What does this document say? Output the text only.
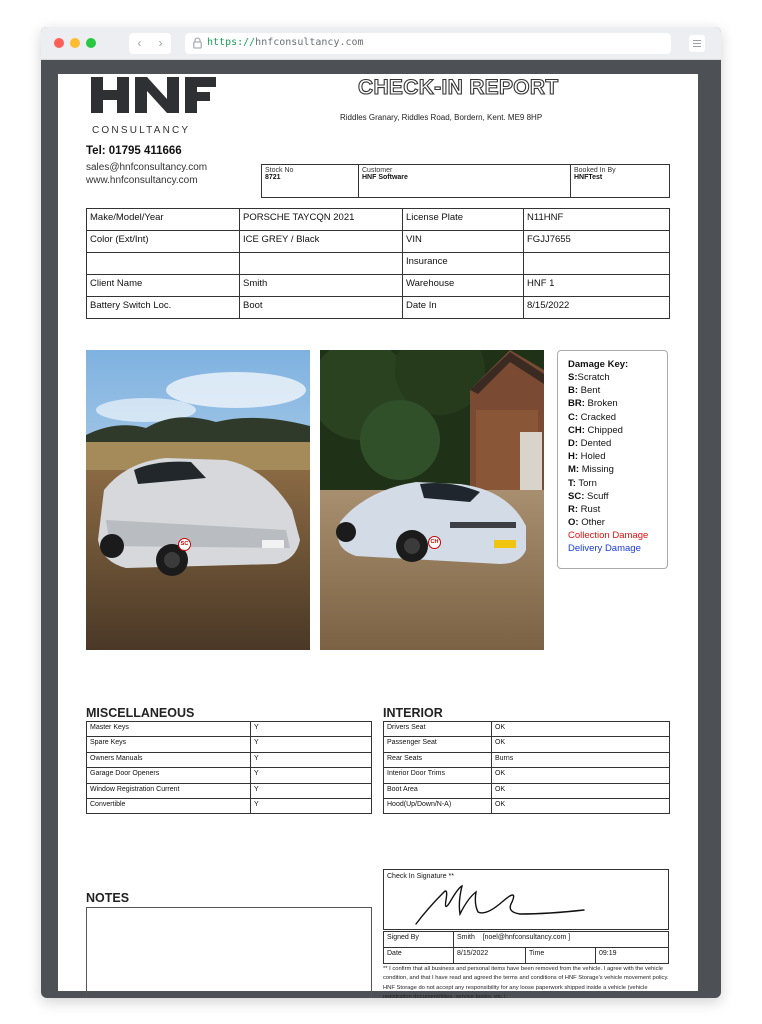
‹	›	https://hnfconsultancy.com
CONSULTANCY
CHECK-IN REPORT
Riddles Granary, Riddles Road, Bordern, Kent. ME9 8HP
Tel: 01795 411666
sales@hnfconsultancy.com
www.hnfconsultancy.com
Stock No
8721

Customer
HNF Software

Booked In By
HNFTest
Make/Model/Year	PORSCHE TAYCQN 2021	License Plate	N11HNF
Color (Ext/Int)	ICE GREY / Black	VIN	FGJJ7655
		Insurance	
Client Name	Smith	Warehouse	HNF 1
Battery Switch Loc.	Boot	Date In	8/15/2022
SC	CH
Damage Key:
S:Scratch
B: Bent
BR: Broken
C: Cracked
CH: Chipped
D: Dented
H: Holed
M: Missing
T: Torn
SC: Scuff
R: Rust
O: Other
Collection Damage
Delivery Damage
MISCELLANEOUS
Master Keys	Y
Spare Keys	Y
Owners Manuals	Y
Garage Door Openers	Y
Window Registration Current	Y
Convertible	Y
INTERIOR
Drivers Seat	OK
Passenger Seat	OK
Rear Seats	Burns
Interior Door Trims	OK
Boot Area	OK
Hood(Up/Down/N-A)	OK
NOTES
Check In Signature **
Signed By	Smith [noel@hnfconsultancy.com ]		
Date	8/15/2022	Time	09:19
** I confirm that all business and personal items have been removed from the vehicle. I agree with the vehicle condition, and that I have read and agreed the terms and conditions of HNF Storage's vehicle movement policy. HNF Storage do not accept any responsibility for any loose paperwork shipped inside a vehicle (vehicle registration document/titles, service books, etc.).
